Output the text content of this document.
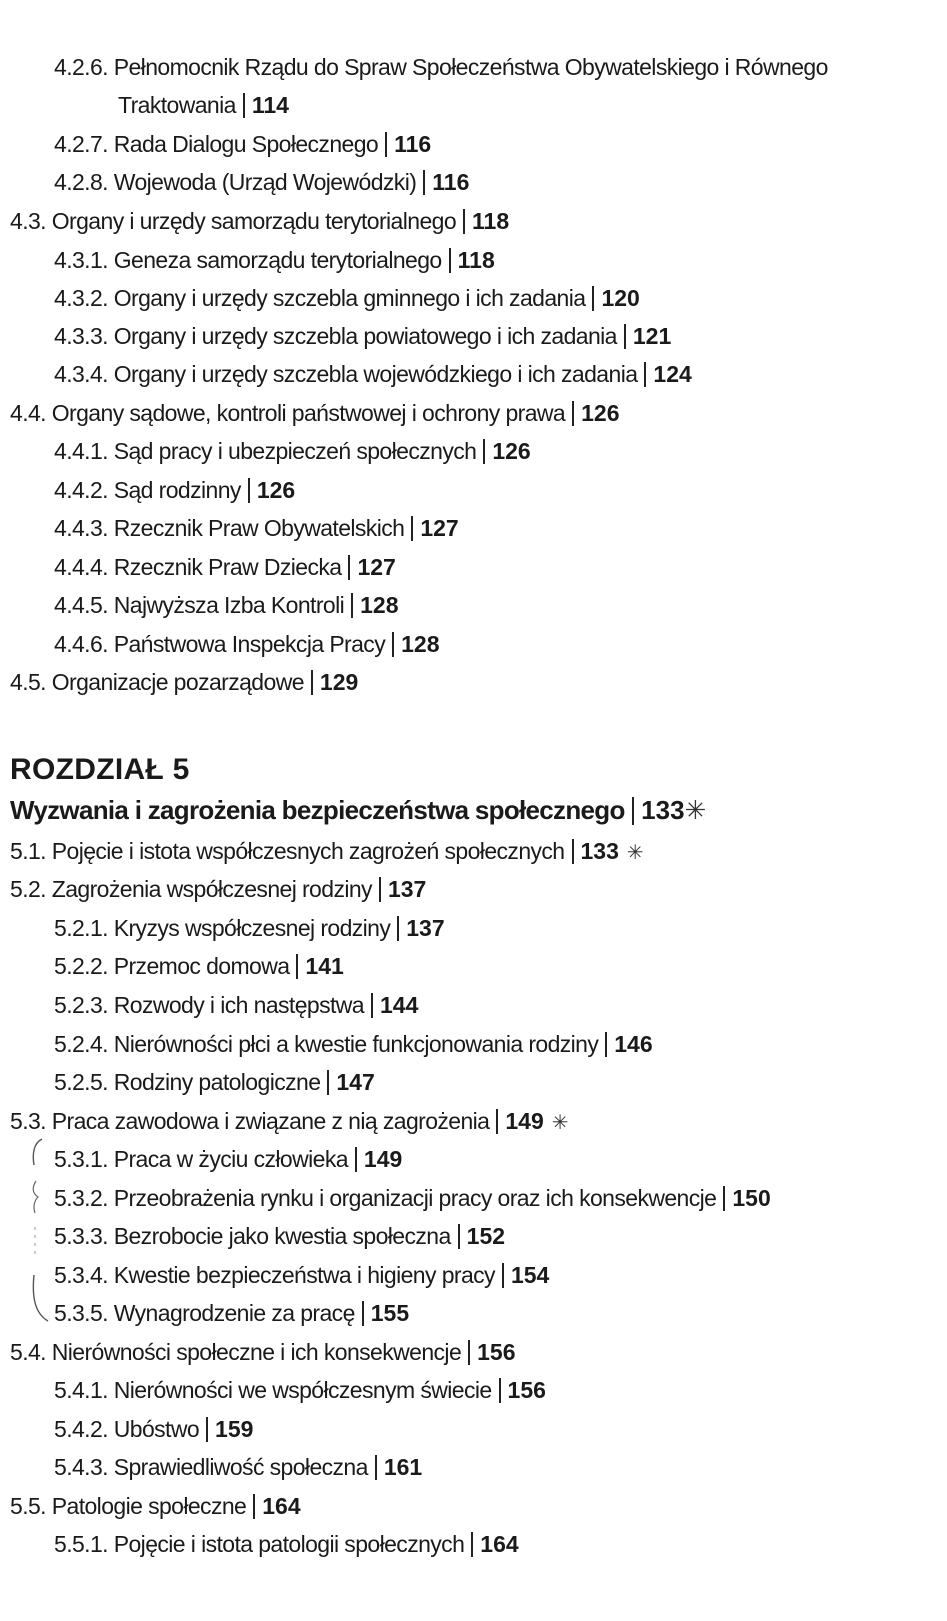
4.2.6. Pełnomocnik Rządu do Spraw Społeczeństwa Obywatelskiego i Równego
Traktowania 114
4.2.7. Rada Dialogu Społecznego 116
4.2.8. Wojewoda (Urząd Wojewódzki) 116
4.3. Organy i urzędy samorządu terytorialnego 118
4.3.1. Geneza samorządu terytorialnego 118
4.3.2. Organy i urzędy szczebla gminnego i ich zadania 120
4.3.3. Organy i urzędy szczebla powiatowego i ich zadania 121
4.3.4. Organy i urzędy szczebla wojewódzkiego i ich zadania 124
4.4. Organy sądowe, kontroli państwowej i ochrony prawa 126
4.4.1. Sąd pracy i ubezpieczeń społecznych 126
4.4.2. Sąd rodzinny 126
4.4.3. Rzecznik Praw Obywatelskich 127
4.4.4. Rzecznik Praw Dziecka 127
4.4.5. Najwyższa Izba Kontroli 128
4.4.6. Państwowa Inspekcja Pracy 128
4.5. Organizacje pozarządowe 129
ROZDZIAŁ 5
Wyzwania i zagrożenia bezpieczeństwa społecznego 133✳
5.1. Pojęcie i istota współczesnych zagrożeń społecznych 133 ✳
5.2. Zagrożenia współczesnej rodziny 137
5.2.1. Kryzys współczesnej rodziny 137
5.2.2. Przemoc domowa 141
5.2.3. Rozwody i ich następstwa 144
5.2.4. Nierówności płci a kwestie funkcjonowania rodziny 146
5.2.5. Rodziny patologiczne 147
5.3. Praca zawodowa i związane z nią zagrożenia 149 ✳
5.3.1. Praca w życiu człowieka 149
5.3.2. Przeobrażenia rynku i organizacji pracy oraz ich konsekwencje 150
5.3.3. Bezrobocie jako kwestia społeczna 152
5.3.4. Kwestie bezpieczeństwa i higieny pracy 154
5.3.5. Wynagrodzenie za pracę 155
5.4. Nierówności społeczne i ich konsekwencje 156
5.4.1. Nierówności we współczesnym świecie 156
5.4.2. Ubóstwo 159
5.4.3. Sprawiedliwość społeczna 161
5.5. Patologie społeczne 164
5.5.1. Pojęcie i istota patologii społecznych 164
